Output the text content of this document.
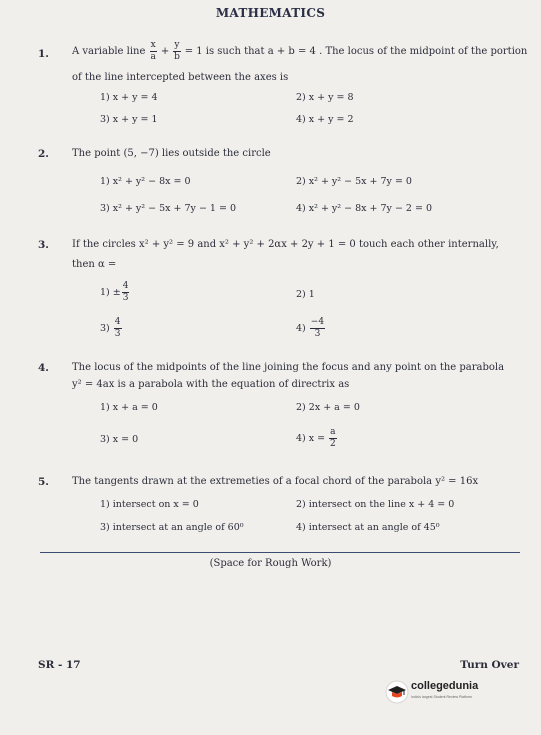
MATHEMATICS
1. A variable line $\frac{x}{a} + \frac{y}{b} = 1$ is such that a + b = 4 . The locus of the midpoint of the portion
of the line intercepted between the axes is
1) x + y = 4	2) x + y = 8
3) x + y = 1	4) x + y = 2
2. The point (5, −7) lies outside the circle
1) x² + y² − 8x = 0	2) x² + y² − 5x + 7y = 0
3) x² + y² − 5x + 7y − 1 = 0	4) x² + y² − 8x + 7y − 2 = 0
3. If the circles x² + y² = 9 and x² + y² + 2αx + 2y + 1 = 0 touch each other internally,
then α =
$1) \pm \frac{4}{3}$	2) 1
$3) \frac{4}{3}$	$4) \frac{-4}{3}$
4. The locus of the midpoints of the line joining the focus and any point on the parabola
y² = 4ax is a parabola with the equation of directrix as
1) x + a = 0	2) 2x + a = 0
3) x = 0	4) $x = \frac{a}{2}$
5. The tangents drawn at the extremeties of a focal chord of the parabola y² = 16x
1) intersect on x = 0	2) intersect on the line x + 4 = 0
3) intersect at an angle of 60⁰	4) intersect at an angle of 45⁰
(Space for Rough Work)
SR - 17	Turn Over
collegedunia
India's largest Student Review Platform
